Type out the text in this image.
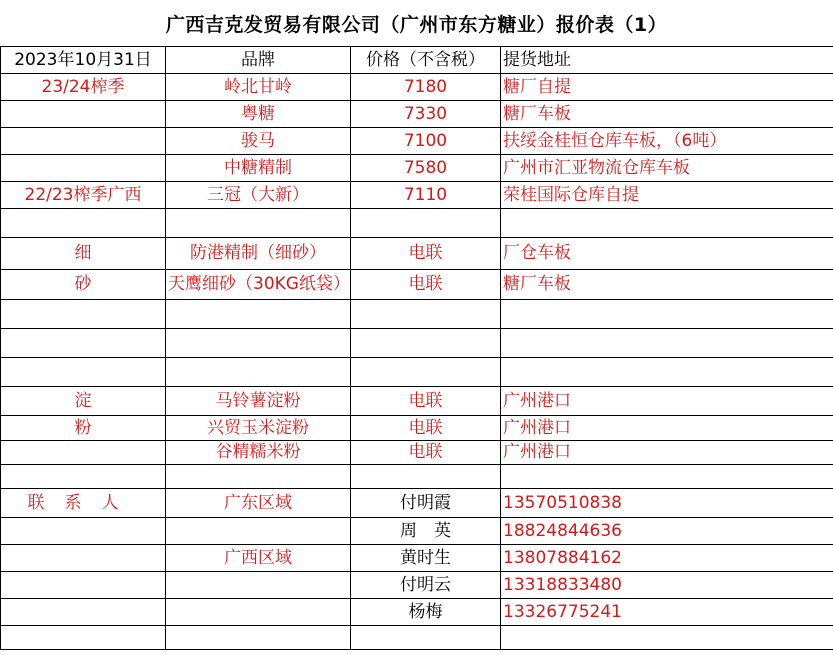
广西吉克发贸易有限公司（广州市东方糖业）报价表（1）
2023年10月31日	品牌	价格（不含税）	提货地址
23/24榨季	岭北甘岭	7180	糖厂自提
	粤糖	7330	糖厂车板
	骏马	7100	扶绥金桂恒仓库车板，（6吨）
	中糖精制	7580	广州市汇亚物流仓库车板
22/23榨季广西	三冠（大新）	7110	荣桂国际仓库自提

细	防港精制（细砂）	电联	厂仓车板
砂	天鹰细砂（30KG纸袋）	电联	糖厂车板

淀	马铃薯淀粉	电联	广州港口
粉	兴贸玉米淀粉	电联	广州港口
	谷精糯米粉	电联	广州港口

联系人	广东区域	付明霞	13570510838
		周　英	18824844636
	广西区域	黄时生	13807884162
		付明云	13318833480
		杨梅	13326775241
